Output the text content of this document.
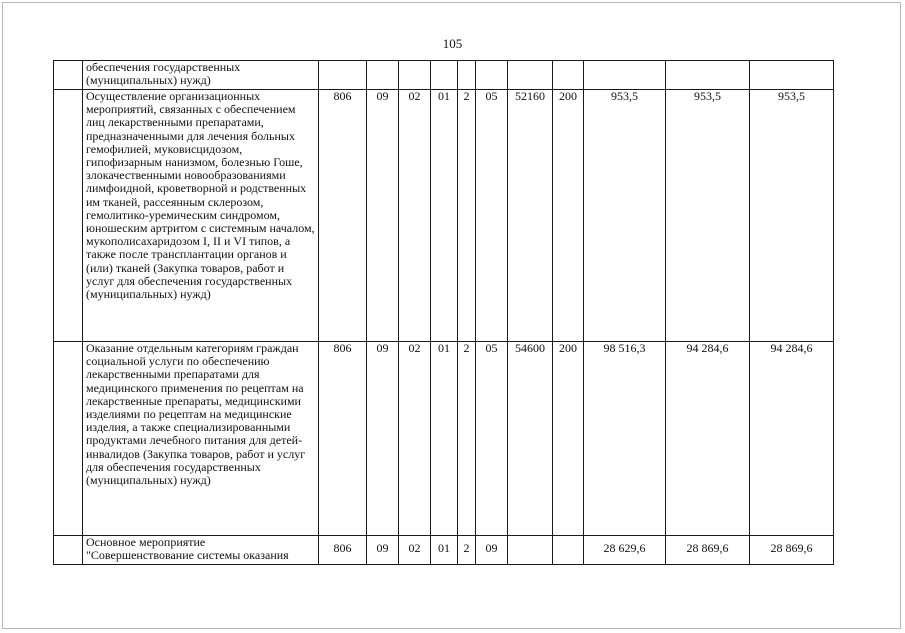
105
	обеспечения государственных (муниципальных) нужд)											
	Осуществление организационных мероприятий, связанных с обеспечением лиц лекарственными препаратами, предназначенными для лечения больных гемофилией, муковисцидозом, гипофизарным нанизмом, болезнью Гоше, злокачественными новообразованиями лимфоидной, кроветворной и родственных им тканей, рассеянным склерозом, гемолитико-уремическим синдромом, юношеским артритом с системным началом, мукополисахаридозом I, II и VI типов, а также после трансплантации органов и (или) тканей (Закупка товаров, работ и услуг для обеспечения государственных (муниципальных) нужд)	806	09	02	01	2	05	52160	200	953,5	953,5	953,5
	Оказание отдельным категориям граждан социальной услуги по обеспечению лекарственными препаратами для медицинского применения по рецептам на лекарственные препараты, медицинскими изделиями по рецептам на медицинские изделия, а также специализированными продуктами лечебного питания для детей-инвалидов (Закупка товаров, работ и услуг для обеспечения государственных (муниципальных) нужд)	806	09	02	01	2	05	54600	200	98 516,3	94 284,6	94 284,6
	Основное мероприятие "Совершенствование системы оказания	806	09	02	01	2	09			28 629,6	28 869,6	28 869,6
